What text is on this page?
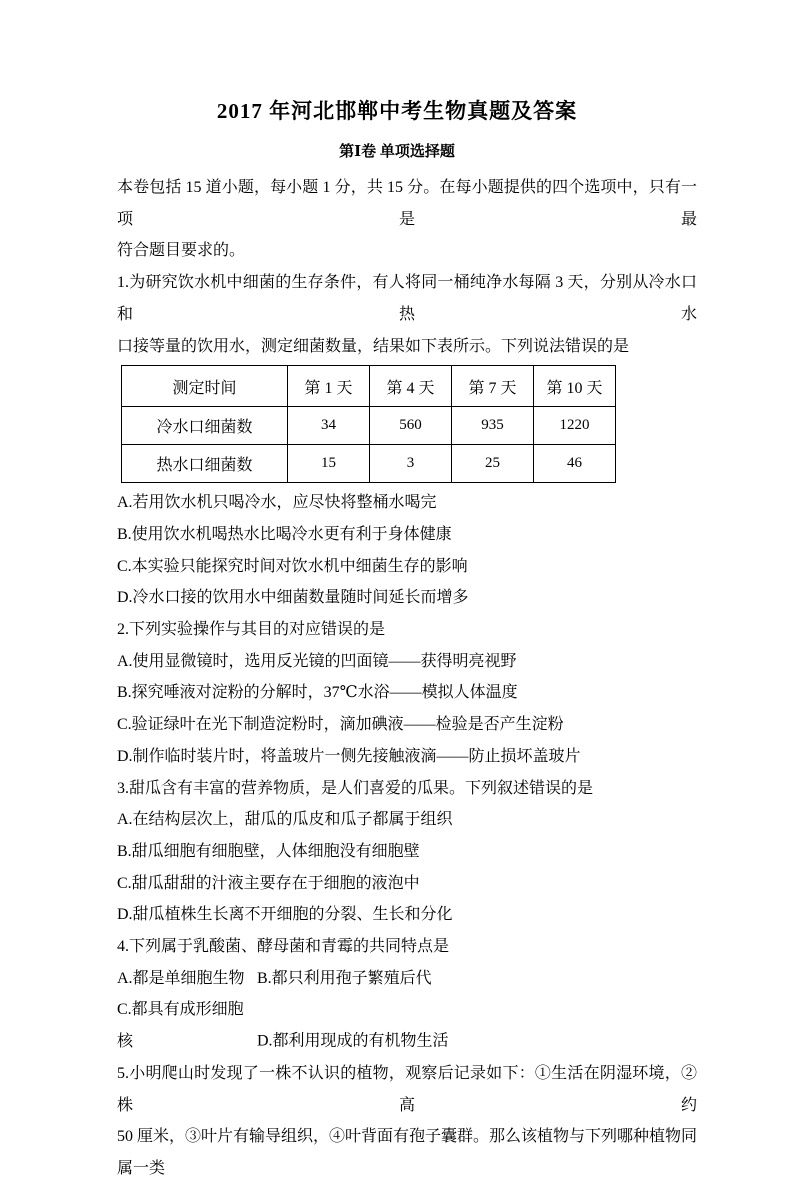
2017 年河北邯郸中考生物真题及答案
第Ⅰ卷 单项选择题
本卷包括 15 道小题，每小题 1 分，共 15 分。在每小题提供的四个选项中，只有一项是最
符合题目要求的。
1.为研究饮水机中细菌的生存条件，有人将同一桶纯净水每隔 3 天，分别从冷水口和热水
口接等量的饮用水，测定细菌数量，结果如下表所示。下列说法错误的是
测定时间	第 1 天	第 4 天	第 7 天	第 10 天
冷水口细菌数	34	560	935	1220
热水口细菌数	15	3	25	46
A.若用饮水机只喝冷水，应尽快将整桶水喝完
B.使用饮水机喝热水比喝冷水更有利于身体健康
C.本实验只能探究时间对饮水机中细菌生存的影响
D.冷水口接的饮用水中细菌数量随时间延长而增多
2.下列实验操作与其目的对应错误的是
A.使用显微镜时，选用反光镜的凹面镜——获得明亮视野
B.探究唾液对淀粉的分解时，37℃水浴——模拟人体温度
C.验证绿叶在光下制造淀粉时，滴加碘液——检验是否产生淀粉
D.制作临时装片时，将盖玻片一侧先接触液滴——防止损坏盖玻片
3.甜瓜含有丰富的营养物质，是人们喜爱的瓜果。下列叙述错误的是
A.在结构层次上，甜瓜的瓜皮和瓜子都属于组织
B.甜瓜细胞有细胞壁，人体细胞没有细胞壁
C.甜瓜甜甜的汁液主要存在于细胞的液泡中
D.甜瓜植株生长离不开细胞的分裂、生长和分化
4.下列属于乳酸菌、酵母菌和青霉的共同特点是
A.都是单细胞生物 B.都只利用孢子繁殖后代
C.都具有成形细胞核	D.都利用现成的有机物生活
5.小明爬山时发现了一株不认识的植物，观察后记录如下：①生活在阴湿环境，②株高约
50 厘米，③叶片有输导组织，④叶背面有孢子囊群。那么该植物与下列哪种植物同属一类
